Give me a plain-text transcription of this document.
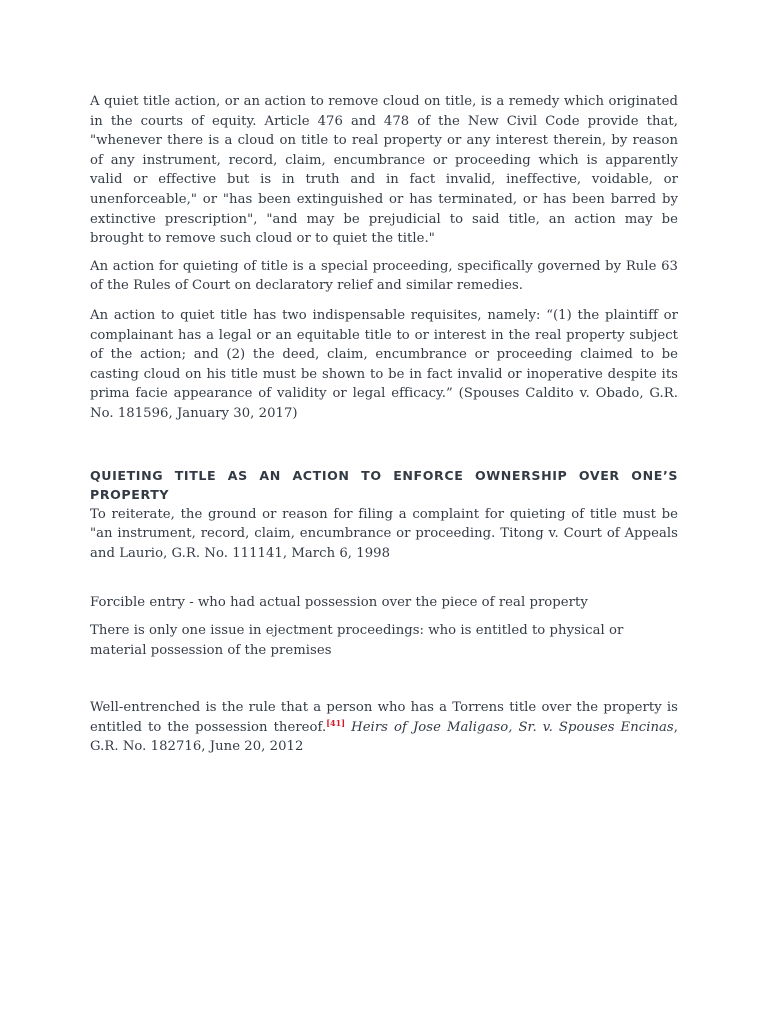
A quiet title action, or an action to remove cloud on title, is a remedy which originated in the courts of equity. Article 476 and 478 of the New Civil Code provide that, "whenever there is a cloud on title to real property or any interest therein, by reason of any instrument, record, claim, encumbrance or proceeding which is apparently valid or effective but is in truth and in fact invalid, ineffective, voidable, or unenforceable," or "has been extinguished or has terminated, or has been barred by extinctive prescription", "and may be prejudicial to said title, an action may be brought to remove such cloud or to quiet the title."

An action for quieting of title is a special proceeding, specifically governed by Rule 63 of the Rules of Court on declaratory relief and similar remedies.

An action to quiet title has two indispensable requisites, namely: “(1) the plaintiff or complainant has a legal or an equitable title to or interest in the real property subject of the action; and (2) the deed, claim, encumbrance or proceeding claimed to be casting cloud on his title must be shown to be in fact invalid or inoperative despite its prima facie appearance of validity or legal efficacy.” (Spouses Caldito v. Obado, G.R. No. 181596, January 30, 2017)

QUIETING TITLE AS AN ACTION TO ENFORCE OWNERSHIP OVER ONE’S PROPERTY

To reiterate, the ground or reason for filing a complaint for quieting of title must be "an instrument, record, claim, encumbrance or proceeding. Titong v. Court of Appeals and Laurio, G.R. No. 111141, March 6, 1998

Forcible entry - who had actual possession over the piece of real property

There is only one issue in ejectment proceedings: who is entitled to physical or material possession of the premises

Well-entrenched is the rule that a person who has a Torrens title over the property is entitled to the possession thereof.[41] Heirs of Jose Maligaso, Sr. v. Spouses Encinas, G.R. No. 182716, June 20, 2012
